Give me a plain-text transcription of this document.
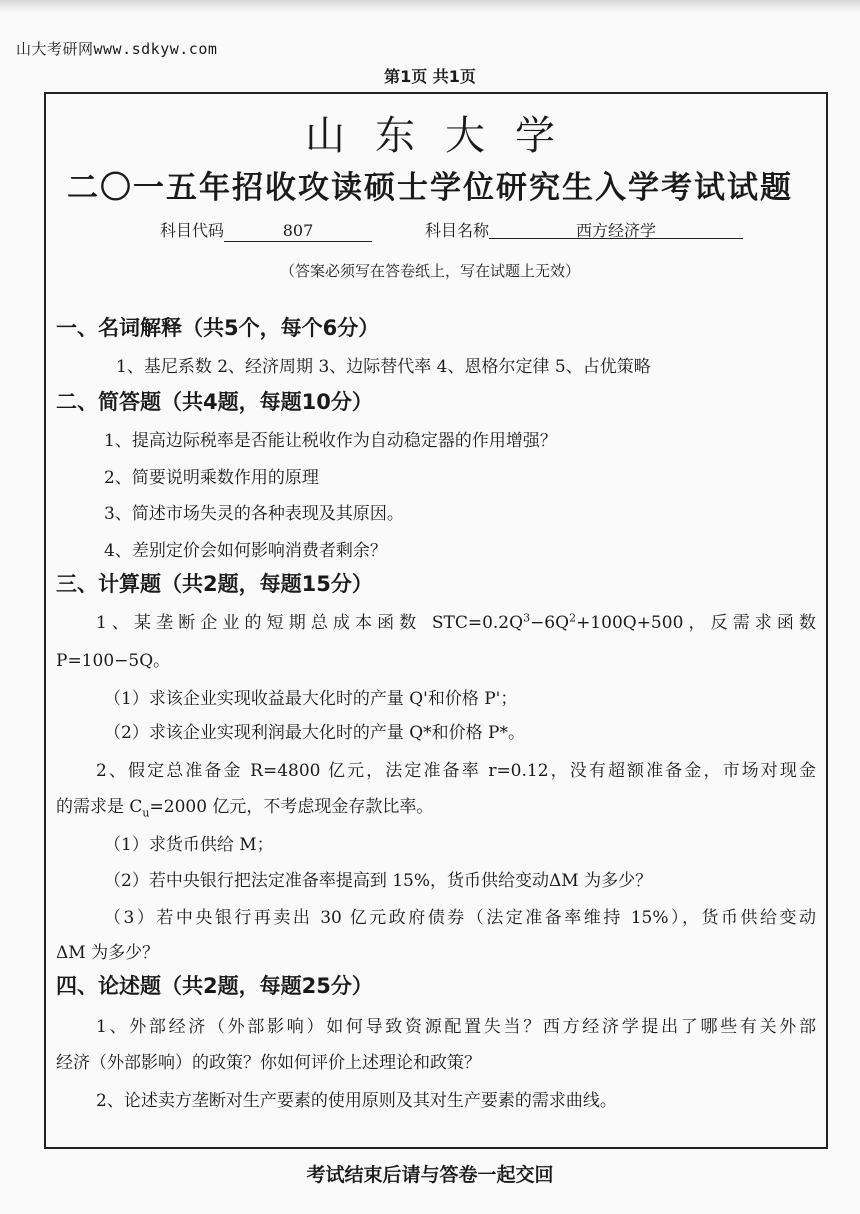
山大考研网www.sdkyw.com
第1页 共1页
山东大学
二〇一五年招收攻读硕士学位研究生入学考试试题
科目代码	807	科目名称	西方经济学
（答案必须写在答卷纸上，写在试题上无效）
一、名词解释（共5个，每个6分）
1、基尼系数 2、经济周期 3、边际替代率 4、恩格尔定律 5、占优策略
二、简答题（共4题，每题10分）
1、提高边际税率是否能让税收作为自动稳定器的作用增强？
2、简要说明乘数作用的原理
3、简述市场失灵的各种表现及其原因。
4、差别定价会如何影响消费者剩余？
三、计算题（共2题，每题15分）
1、某垄断企业的短期总成本函数 $STC=0.2Q^3-6Q^2+100Q+500$，反需求函数
P=100−5Q。
（1）求该企业实现收益最大化时的产量 Q'和价格 P'；
（2）求该企业实现利润最大化时的产量 Q*和价格 P*。
2、假定总准备金 R=4800 亿元，法定准备率 r=0.12，没有超额准备金，市场对现金
的需求是 $C_u=2000$ 亿元，不考虑现金存款比率。
（1）求货币供给 M；
（2）若中央银行把法定准备率提高到 15%，货币供给变动ΔM 为多少？
（3）若中央银行再卖出 30 亿元政府债券（法定准备率维持 15%），货币供给变动
ΔM 为多少？
四、论述题（共2题，每题25分）
1、外部经济（外部影响）如何导致资源配置失当？西方经济学提出了哪些有关外部
经济（外部影响）的政策？你如何评价上述理论和政策？
2、论述卖方垄断对生产要素的使用原则及其对生产要素的需求曲线。
考试结束后请与答卷一起交回
